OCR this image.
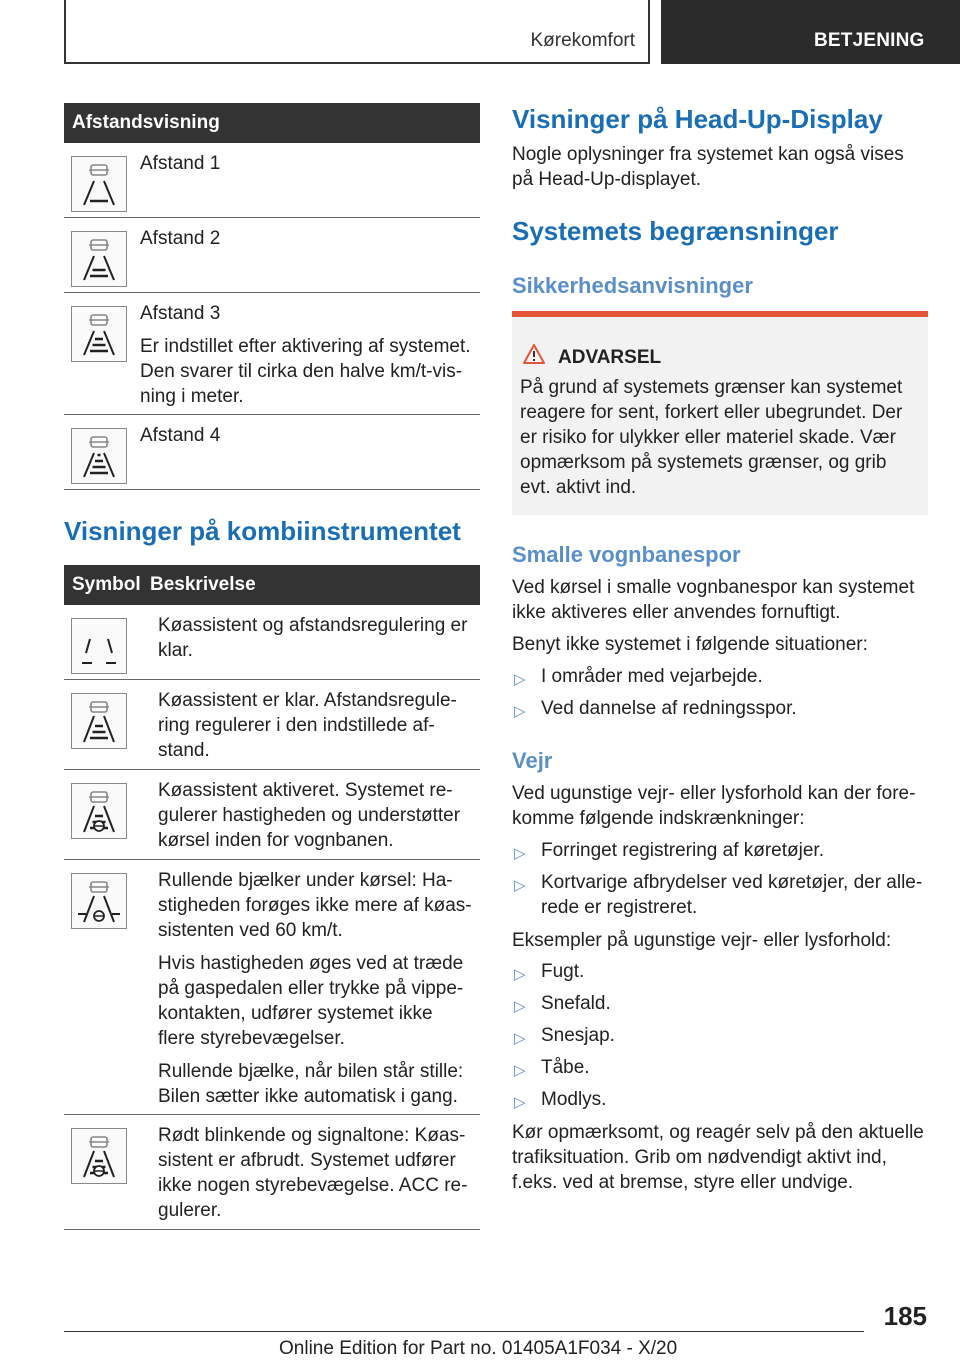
Kørekomfort	BETJENING
Afstandsvisning

Afstand 1

Afstand 2

Afstand 3

Er indstillet efter aktivering af systemet. Den svarer til cirka den halve km/t-vis- ning i meter.

Afstand 4

Visninger på kombiinstrumentet
Symbol Beskrivelse

Køassistent og afstandsregulering er klar.

Køassistent er klar. Afstandsregule- ring regulerer i den indstillede af- stand.

Køassistent aktiveret. Systemet re- gulerer hastigheden og understøtter kørsel inden for vognbanen.

Rullende bjælker under kørsel: Ha- stigheden forøges ikke mere af køas- sistenten ved 60 km/t.

Hvis hastigheden øges ved at træde på gaspedalen eller trykke på vippe- kontakten, udfører systemet ikke flere styrebevægelser.

Rullende bjælke, når bilen står stille: Bilen sætter ikke automatisk i gang.

Rødt blinkende og signaltone: Køas- sistent er afbrudt. Systemet udfører ikke nogen styrebevægelse. ACC re- gulerer.

Visninger på Head-Up-Display
Nogle oplysninger fra systemet kan også vises på Head-Up-displayet.
Systemets begrænsninger
Sikkerhedsanvisninger
ADVARSEL
På grund af systemets grænser kan systemet reagere for sent, forkert eller ubegrundet. Der er risiko for ulykker eller materiel skade. Vær opmærksom på systemets grænser, og grib evt. aktivt ind.
Smalle vognbanespor
Ved kørsel i smalle vognbanespor kan systemet ikke aktiveres eller anvendes fornuftigt.
Benyt ikke systemet i følgende situationer:
▷ I områder med vejarbejde.
▷ Ved dannelse af redningsspor.
Vejr
Ved ugunstige vejr- eller lysforhold kan der fore- komme følgende indskrænkninger:
▷ Forringet registrering af køretøjer.
▷ Kortvarige afbrydelser ved køretøjer, der alle- rede er registreret.
Eksempler på ugunstige vejr- eller lysforhold:
▷ Fugt.
▷ Snefald.
▷ Snesjap.
▷ Tåbe.
▷ Modlys.
Kør opmærksomt, og reagér selv på den aktuelle trafiksituation. Grib om nødvendigt aktivt ind, f.eks. ved at bremse, styre eller undvige.
185
Online Edition for Part no. 01405A1F034 - X/20
